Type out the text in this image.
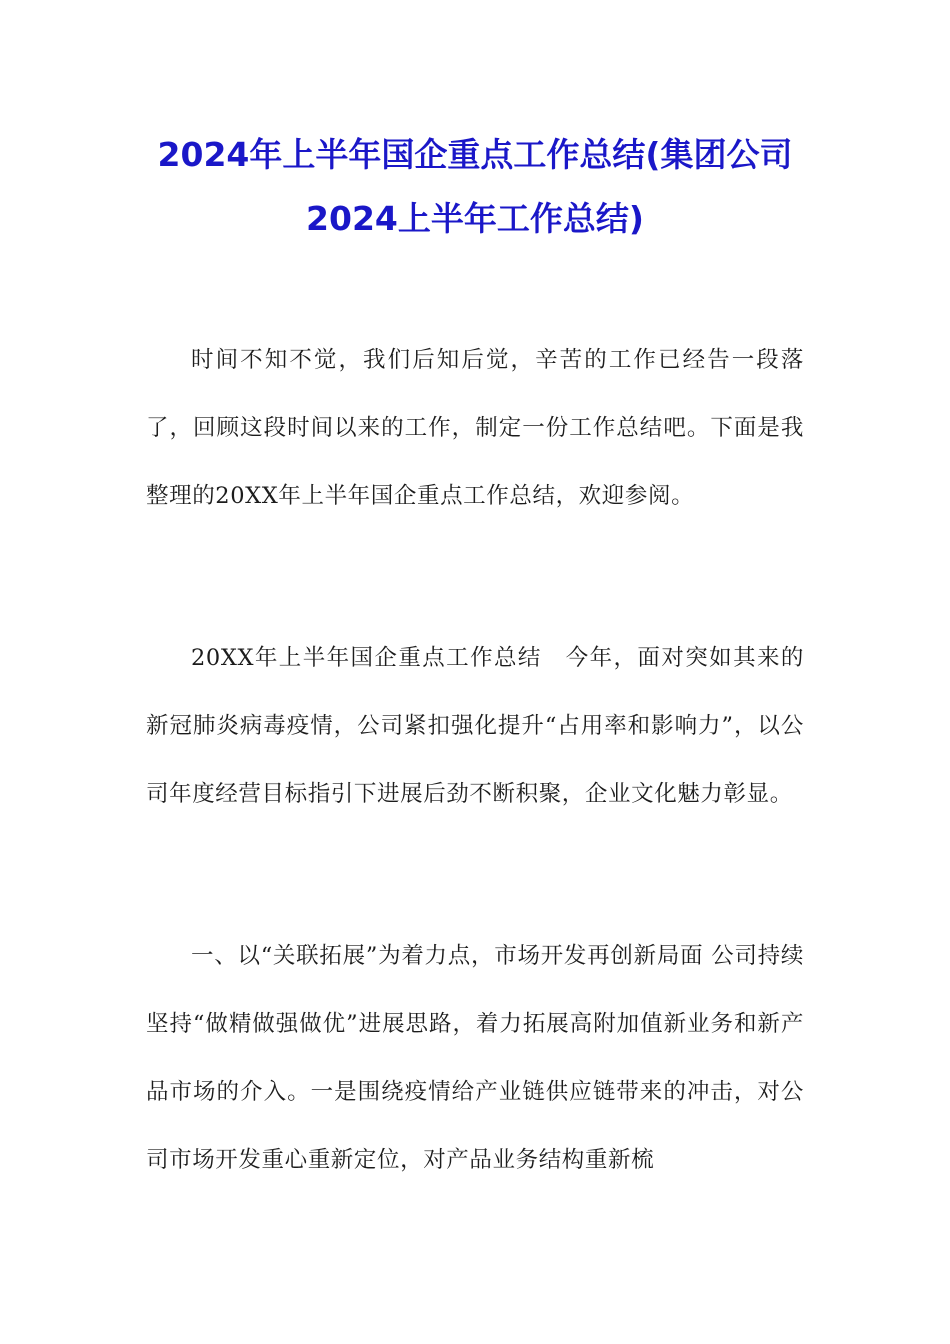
2024年上半年国企重点工作总结(集团公司
2024上半年工作总结)

时间不知不觉，我们后知后觉，辛苦的工作已经告一段落了，回顾这段时间以来的工作，制定一份工作总结吧。下面是我整理的20XX年上半年国企重点工作总结，欢迎参阅。

20XX年上半年国企重点工作总结　今年，面对突如其来的新冠肺炎病毒疫情，公司紧扣强化提升“占用率和影响力”，以公司年度经营目标指引下进展后劲不断积聚，企业文化魅力彰显。

一、以“关联拓展”为着力点，市场开发再创新局面 公司持续坚持“做精做强做优”进展思路，着力拓展高附加值新业务和新产品市场的介入。一是围绕疫情给产业链供应链带来的冲击，对公司市场开发重心重新定位，对产品业务结构重新梳
